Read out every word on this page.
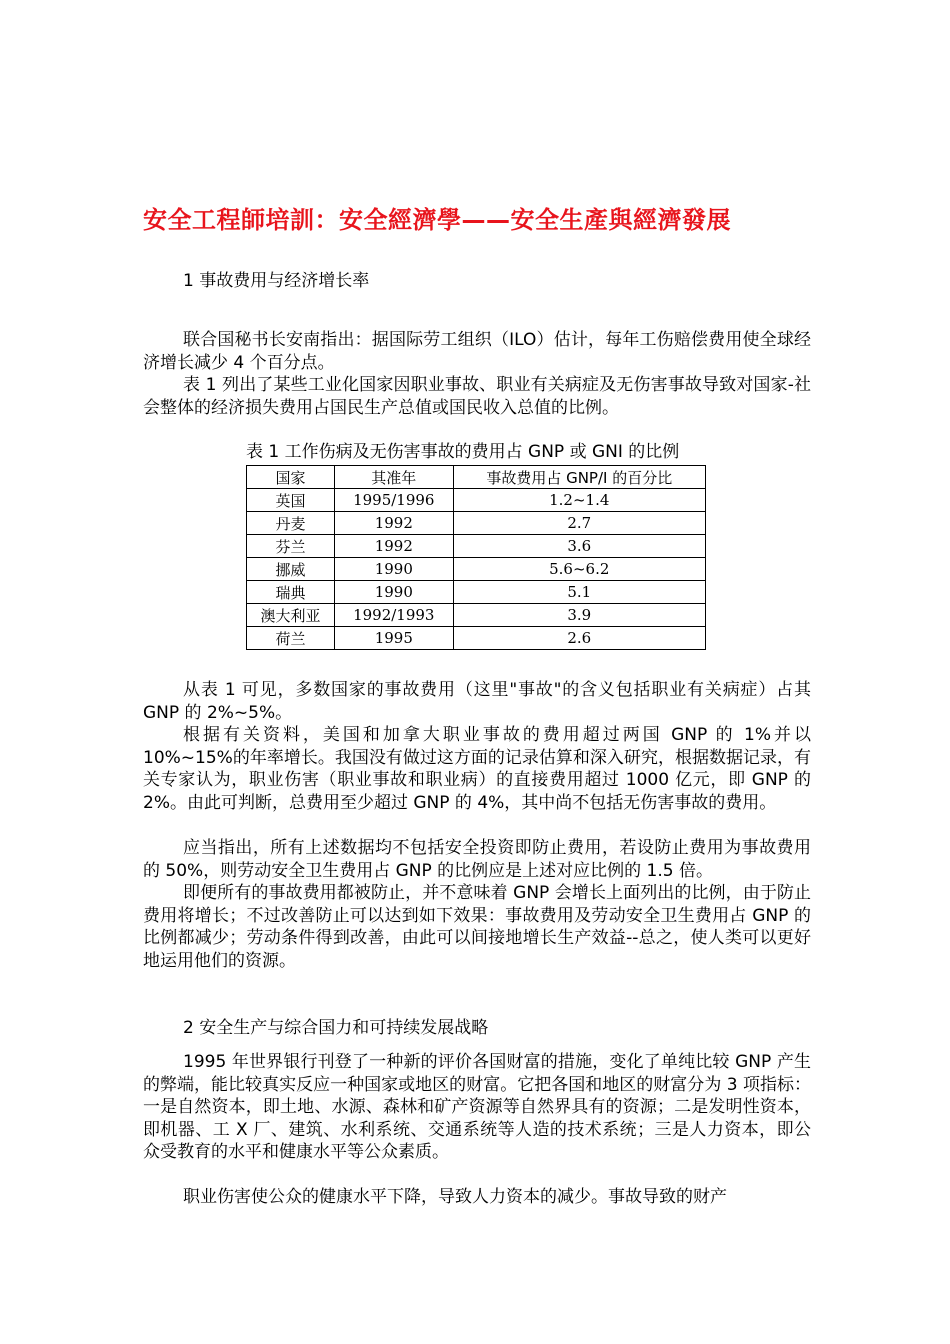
安全工程師培訓：安全經濟學——安全生產與經濟發展
1 事故费用与经济增长率

联合国秘书长安南指出：据国际劳工组织（ILO）估计，每年工伤赔偿费用使全球经济增长减少 4 个百分点。

表 1 列出了某些工业化国家因职业事故、职业有关病症及无伤害事故导致对国家-社会整体的经济损失费用占国民生产总值或国民收入总值的比例。

表 1 工作伤病及无伤害事故的费用占 GNP 或 GNI 的比例
国家	其准年	事故费用占 GNP/I 的百分比
英国	1995/1996	1.2~1.4
丹麦	1992	2.7
芬兰	1992	3.6
挪威	1990	5.6~6.2
瑞典	1990	5.1
澳大利亚	1992/1993	3.9
荷兰	1995	2.6

从表 1 可见，多数国家的事故费用（这里"事故"的含义包括职业有关病症）占其 GNP 的 2%~5%。

根据有关资料，美国和加拿大职业事故的费用超过两国 GNP 的 1%并以 10%~15%的年率增长。我国没有做过这方面的记录估算和深入研究，根据数据记录，有关专家认为，职业伤害（职业事故和职业病）的直接费用超过 1000 亿元，即 GNP 的 2%。由此可判断，总费用至少超过 GNP 的 4%，其中尚不包括无伤害事故的费用。

应当指出，所有上述数据均不包括安全投资即防止费用，若设防止费用为事故费用的 50%，则劳动安全卫生费用占 GNP 的比例应是上述对应比例的 1.5 倍。

即便所有的事故费用都被防止，并不意味着 GNP 会增长上面列出的比例，由于防止费用将增长；不过改善防止可以达到如下效果：事故费用及劳动安全卫生费用占 GNP 的比例都减少；劳动条件得到改善，由此可以间接地增长生产效益--总之，使人类可以更好地运用他们的资源。

2 安全生产与综合国力和可持续发展战略

1995 年世界银行刊登了一种新的评价各国财富的措施，变化了单纯比较 GNP 产生的弊端，能比较真实反应一种国家或地区的财富。它把各国和地区的财富分为 3 项指标：一是自然资本，即土地、水源、森林和矿产资源等自然界具有的资源；二是发明性资本，即机器、工 X 厂、建筑、水利系统、交通系统等人造的技术系统；三是人力资本，即公众受教育的水平和健康水平等公众素质。

职业伤害使公众的健康水平下降，导致人力资本的减少。事故导致的财产
